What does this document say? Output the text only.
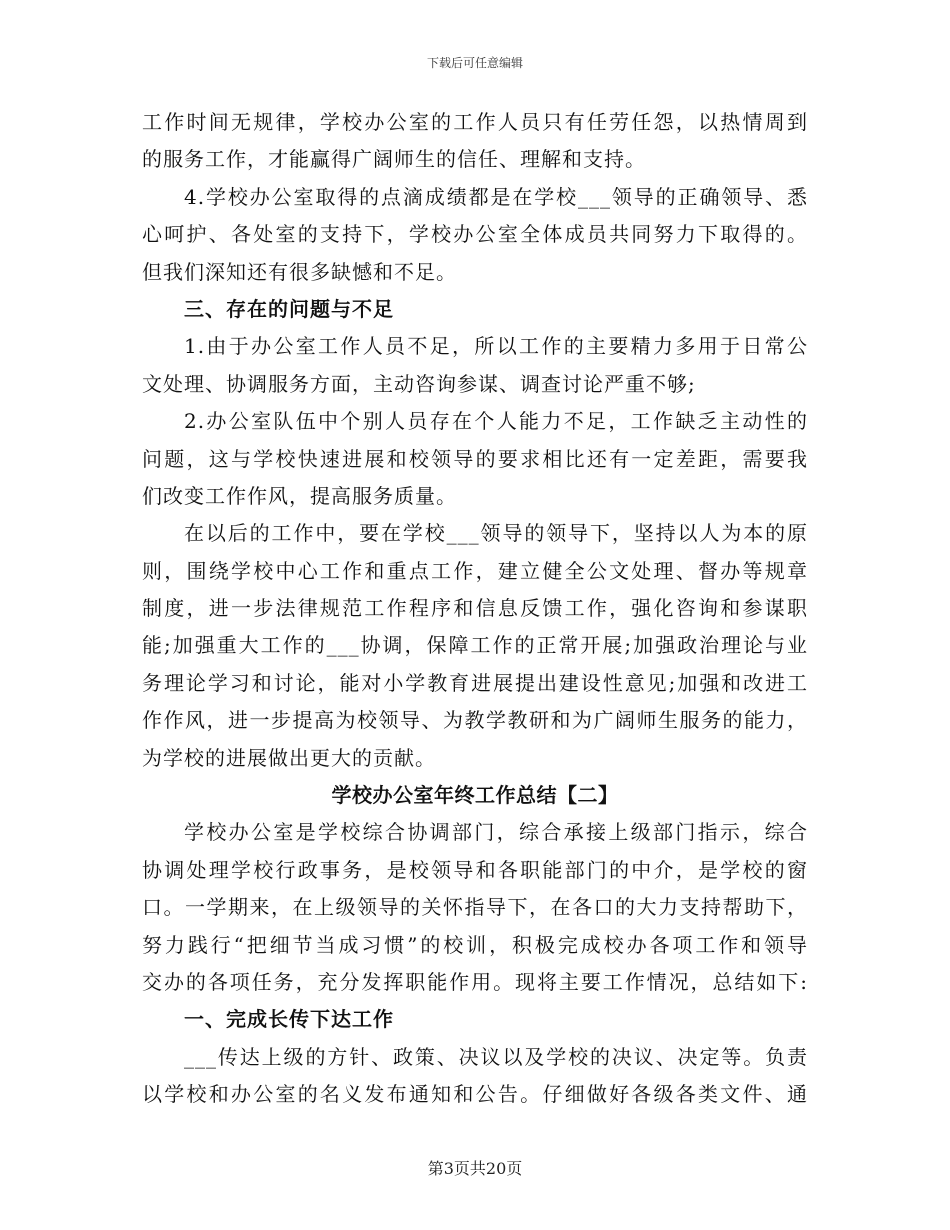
下载后可任意编辑
工作时间无规律，学校办公室的工作人员只有任劳任怨，以热情周到
的服务工作，才能赢得广阔师生的信任、理解和支持。
4.学校办公室取得的点滴成绩都是在学校___领导的正确领导、悉
心呵护、各处室的支持下，学校办公室全体成员共同努力下取得的。
但我们深知还有很多缺憾和不足。
三、存在的问题与不足
1.由于办公室工作人员不足，所以工作的主要精力多用于日常公
文处理、协调服务方面，主动咨询参谋、调查讨论严重不够;
2.办公室队伍中个别人员存在个人能力不足，工作缺乏主动性的
问题，这与学校快速进展和校领导的要求相比还有一定差距，需要我
们改变工作作风，提高服务质量。
在以后的工作中，要在学校___领导的领导下，坚持以人为本的原
则，围绕学校中心工作和重点工作，建立健全公文处理、督办等规章
制度，进一步法律规范工作程序和信息反馈工作，强化咨询和参谋职
能;加强重大工作的___协调，保障工作的正常开展;加强政治理论与业
务理论学习和讨论，能对小学教育进展提出建设性意见;加强和改进工
作作风，进一步提高为校领导、为教学教研和为广阔师生服务的能力，
为学校的进展做出更大的贡献。
学校办公室年终工作总结【二】
学校办公室是学校综合协调部门，综合承接上级部门指示，综合
协调处理学校行政事务，是校领导和各职能部门的中介，是学校的窗
口。一学期来，在上级领导的关怀指导下，在各口的大力支持帮助下，
努力践行“把细节当成习惯”的校训，积极完成校办各项工作和领导
交办的各项任务，充分发挥职能作用。现将主要工作情况，总结如下:
一、完成长传下达工作
___传达上级的方针、政策、决议以及学校的决议、决定等。负责
以学校和办公室的名义发布通知和公告。仔细做好各级各类文件、通
第3页共20页
